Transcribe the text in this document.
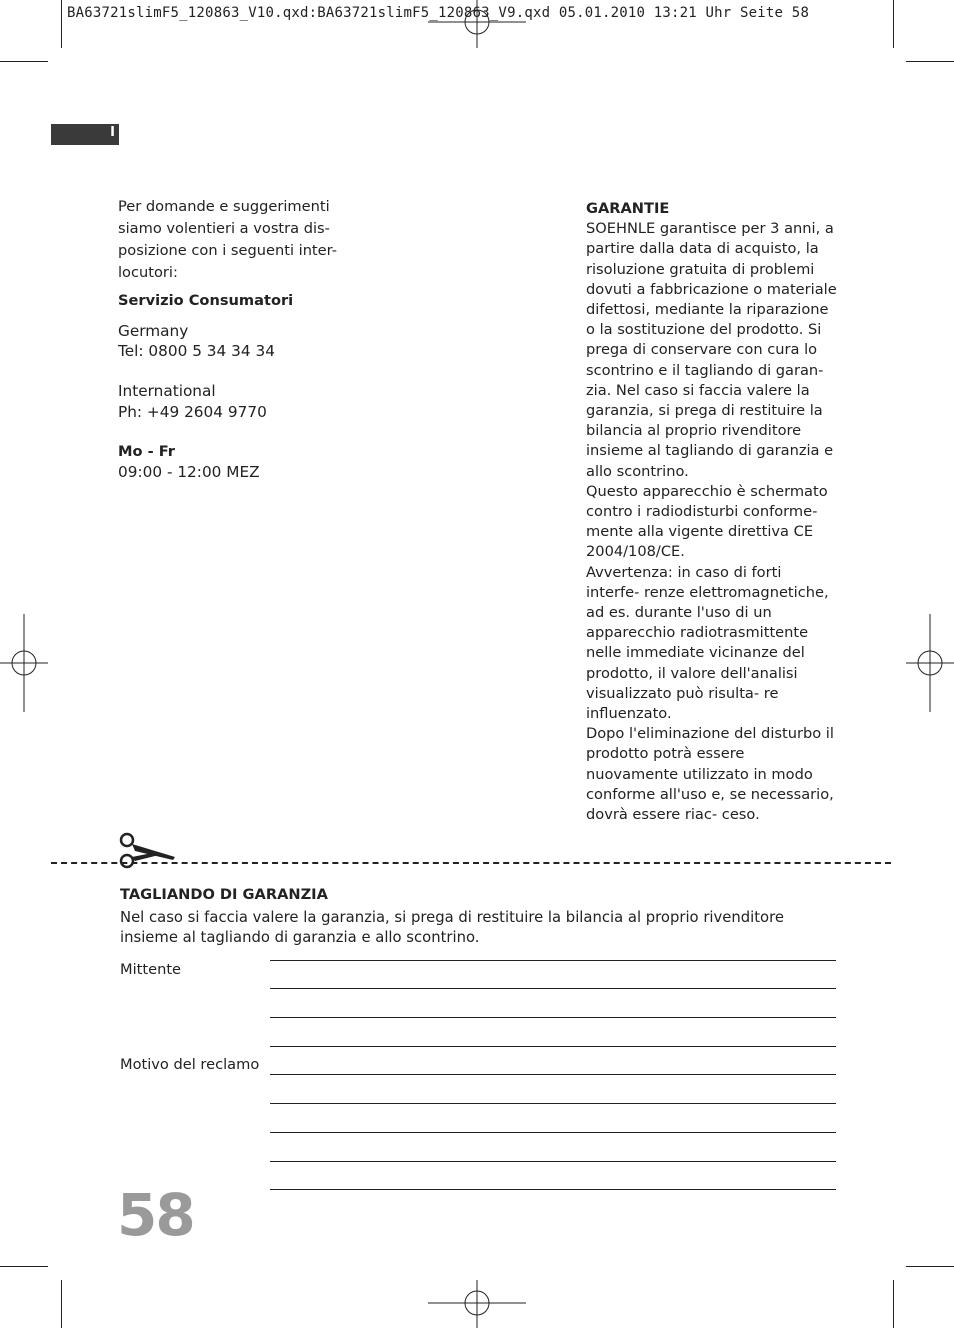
BA63721slimF5_120863_V10.qxd:BA63721slimF5_120863_V9.qxd 05.01.2010 13:21 Uhr Seite 58
I
Per domande e suggerimenti siamo volentieri a vostra dis- posizione con i seguenti inter- locutori:
Servizio Consumatori
Germany
Tel: 0800 5 34 34 34
International
Ph: +49 2604 9770
Mo - Fr
09:00 - 12:00 MEZ

GARANTIE

SOEHNLE garantisce per 3 anni, a partire dalla data di acquisto, la risoluzione gratuita di problemi dovuti a fabbricazione o materiale difettosi, mediante la riparazione o la sostituzione del prodotto. Si prega di conservare con cura lo scontrino e il tagliando di garan- zia. Nel caso si faccia valere la garanzia, si prega di restituire la bilancia al proprio rivenditore insieme al tagliando di garanzia e allo scontrino.

Questo apparecchio è schermato contro i radiodisturbi conforme- mente alla vigente direttiva CE 2004/108/CE.

Avvertenza: in caso di forti interfe- renze elettromagnetiche, ad es. durante l'uso di un apparecchio radiotrasmittente nelle immediate vicinanze del prodotto, il valore dell'analisi visualizzato può risulta- re influenzato.

Dopo l'eliminazione del disturbo il prodotto potrà essere nuovamente utilizzato in modo conforme all'uso e, se necessario, dovrà essere riac- ceso.

TAGLIANDO DI GARANZIA
Nel caso si faccia valere la garanzia, si prega di restituire la bilancia al proprio rivenditore insieme al tagliando di garanzia e allo scontrino.
Mittente
Motivo del reclamo
58
